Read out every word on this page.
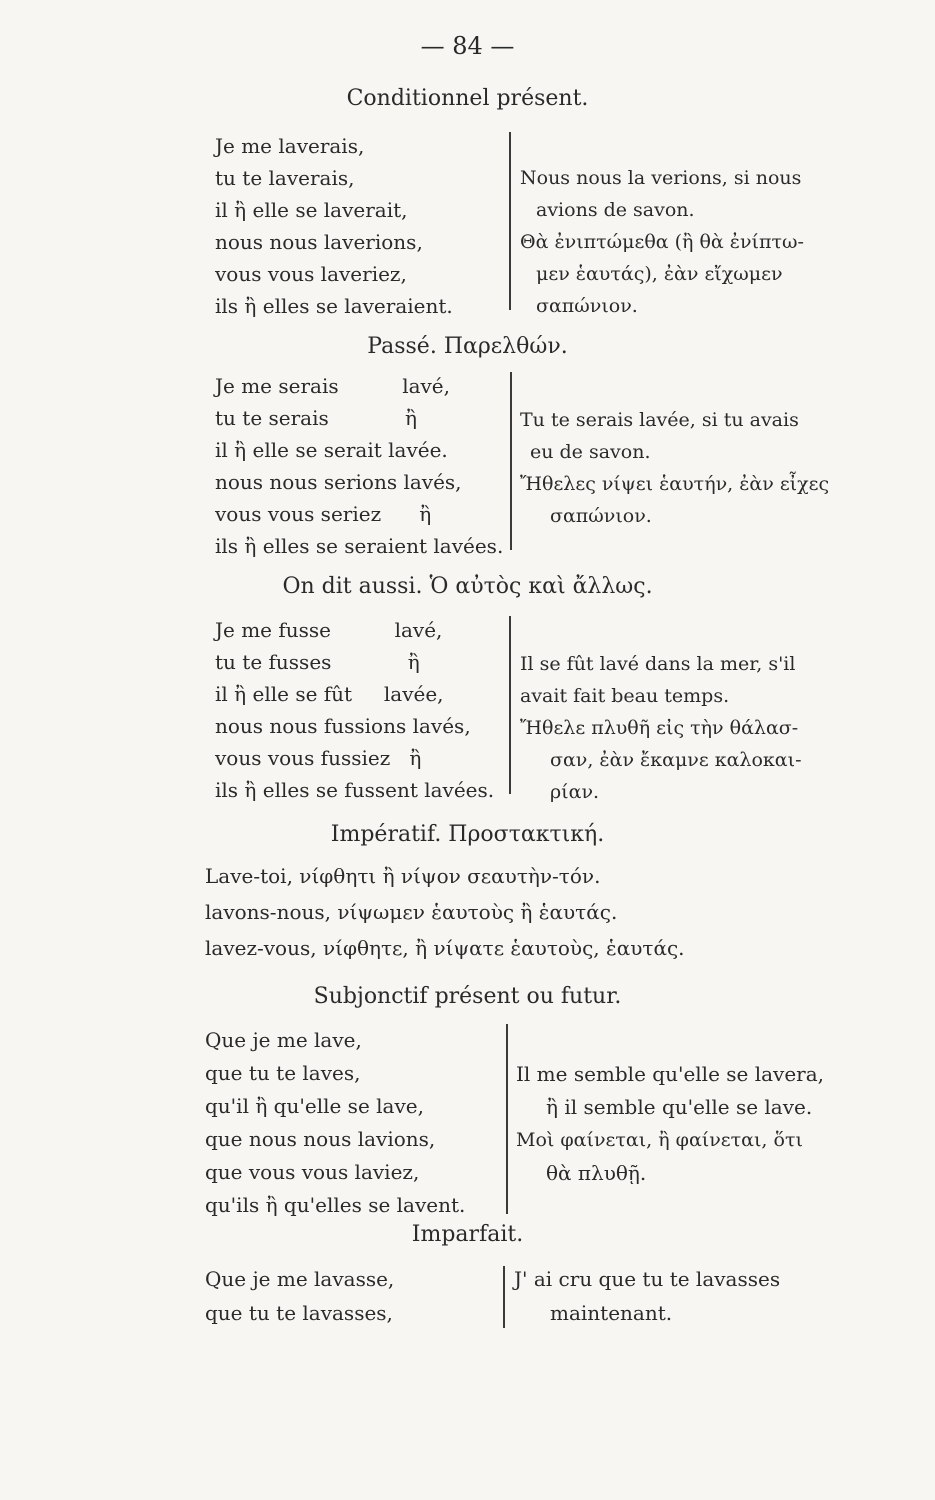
— 84 —
Conditionnel présent.
Je me laverais,
tu te laverais,
il ἢ elle se laverait,
nous nous laverions,
vous vous laveriez,
ils ἢ elles se laveraient.
Nous nous la verions, si nous
avions de savon.
Θὰ ἐνιπτώμεθα (ἢ θὰ ἐνίπτω-
μεν ἑαυτάς), ἐὰν εἴχωμεν
σαπώνιον.
Passé. Παρελθών.
Je me serais          lavé,
tu te serais            ἢ
il ἢ elle se serait lavée.
nous nous serions lavés,
vous vous seriez      ἢ
ils ἢ elles se seraient lavées.
Tu te serais lavée, si tu avais
eu de savon.
Ἤθελες νίψει ἑαυτήν, ἐὰν εἶχες
σαπώνιον.
On dit aussi. Ὁ αὐτὸς καὶ ἄλλως.
Je me fusse          lavé,
tu te fusses            ἢ
il ἢ elle se fût     lavée,
nous nous fussions lavés,
vous vous fussiez   ἢ
ils ἢ elles se fussent lavées.
Il se fût lavé dans la mer, s'il
avait fait beau temps.
Ἤθελε πλυθῆ εἰς τὴν θάλασ-
σαν, ἐὰν ἔκαμνε καλοκαι-
ρίαν.
Impératif. Προστακτική.
Lave-toi, νίφθητι ἢ νίψον σεαυτὴν-τόν.
lavons-nous, νίψωμεν ἑαυτοὺς ἢ ἑαυτάς.
lavez-vous, νίφθητε, ἢ νίψατε ἑαυτοὺς, ἑαυτάς.
Subjonctif présent ou futur.
Que je me lave,
que tu te laves,
qu'il ἢ qu'elle se lave,
que nous nous lavions,
que vous vous laviez,
qu'ils ἢ qu'elles se lavent.
Il me semble qu'elle se lavera,
ἢ il semble qu'elle se lave.
Μοὶ φαίνεται, ἢ φαίνεται, ὅτι
θὰ πλυθῇ.
Imparfait.
Que je me lavasse,
que tu te lavasses,
J' ai cru que tu te lavasses
maintenant.
